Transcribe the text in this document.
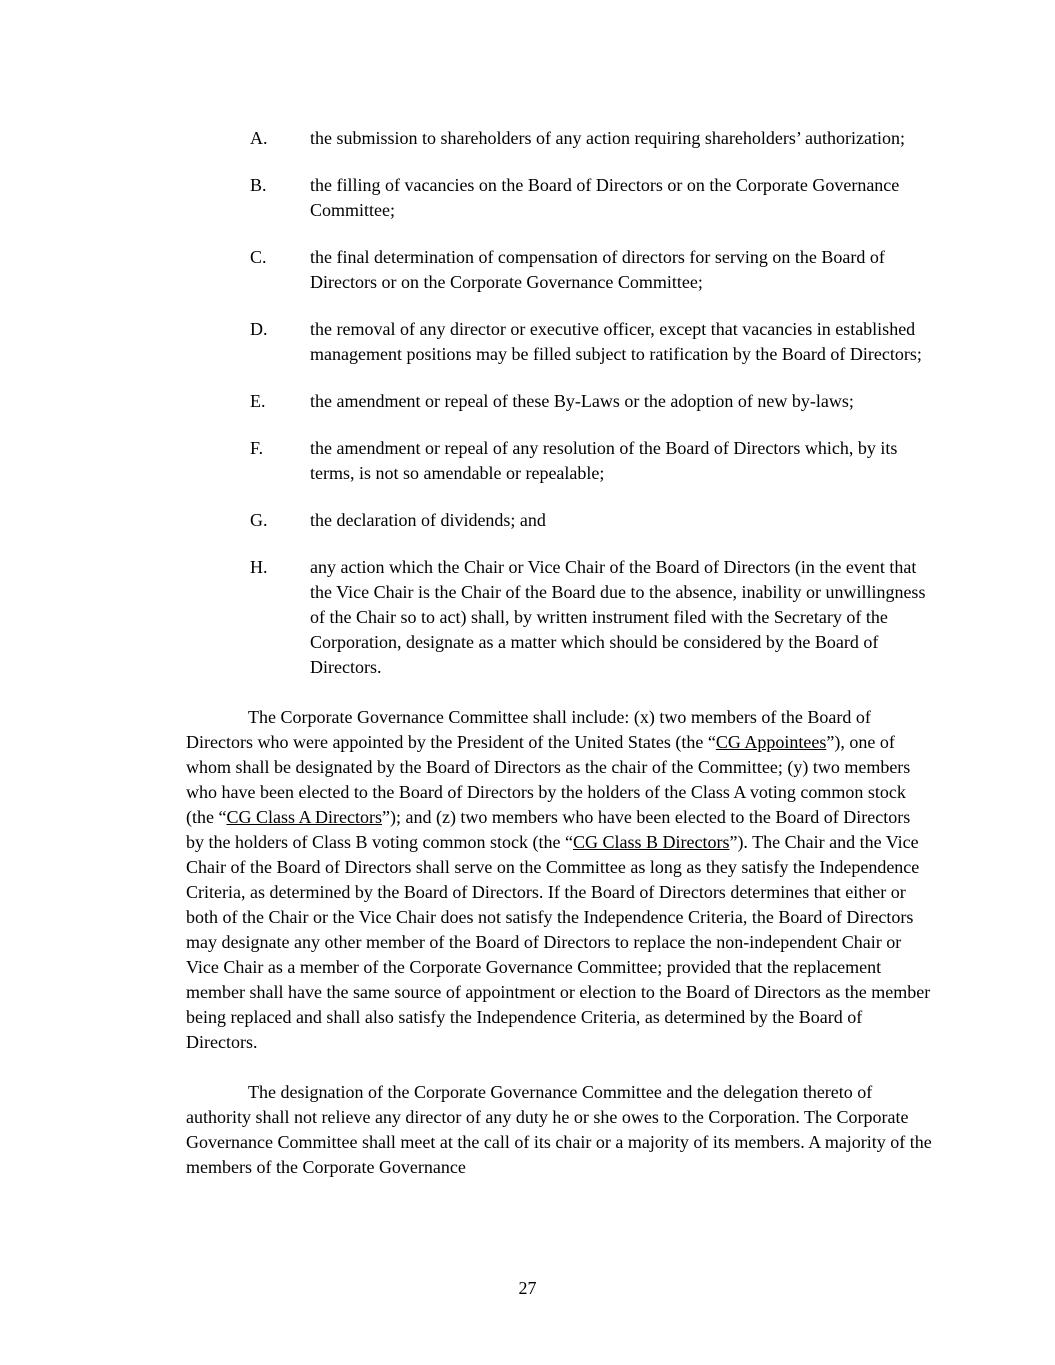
A.	the submission to shareholders of any action requiring shareholders’ authorization;
B.	the filling of vacancies on the Board of Directors or on the Corporate Governance Committee;
C.	the final determination of compensation of directors for serving on the Board of Directors or on the Corporate Governance Committee;
D.	the removal of any director or executive officer, except that vacancies in established management positions may be filled subject to ratification by the Board of Directors;
E.	the amendment or repeal of these By-Laws or the adoption of new by-laws;
F.	the amendment or repeal of any resolution of the Board of Directors which, by its terms, is not so amendable or repealable;
G.	the declaration of dividends; and
H.	any action which the Chair or Vice Chair of the Board of Directors (in the event that the Vice Chair is the Chair of the Board due to the absence, inability or unwillingness of the Chair so to act) shall, by written instrument filed with the Secretary of the Corporation, designate as a matter which should be considered by the Board of Directors.

The Corporate Governance Committee shall include: (x) two members of the Board of Directors who were appointed by the President of the United States (the “CG Appointees”), one of whom shall be designated by the Board of Directors as the chair of the Committee; (y) two members who have been elected to the Board of Directors by the holders of the Class A voting common stock (the “CG Class A Directors”); and (z) two members who have been elected to the Board of Directors by the holders of Class B voting common stock (the “CG Class B Directors”). The Chair and the Vice Chair of the Board of Directors shall serve on the Committee as long as they satisfy the Independence Criteria, as determined by the Board of Directors. If the Board of Directors determines that either or both of the Chair or the Vice Chair does not satisfy the Independence Criteria, the Board of Directors may designate any other member of the Board of Directors to replace the non-independent Chair or Vice Chair as a member of the Corporate Governance Committee; provided that the replacement member shall have the same source of appointment or election to the Board of Directors as the member being replaced and shall also satisfy the Independence Criteria, as determined by the Board of Directors.

The designation of the Corporate Governance Committee and the delegation thereto of authority shall not relieve any director of any duty he or she owes to the Corporation. The Corporate Governance Committee shall meet at the call of its chair or a majority of its members. A majority of the members of the Corporate Governance

27
